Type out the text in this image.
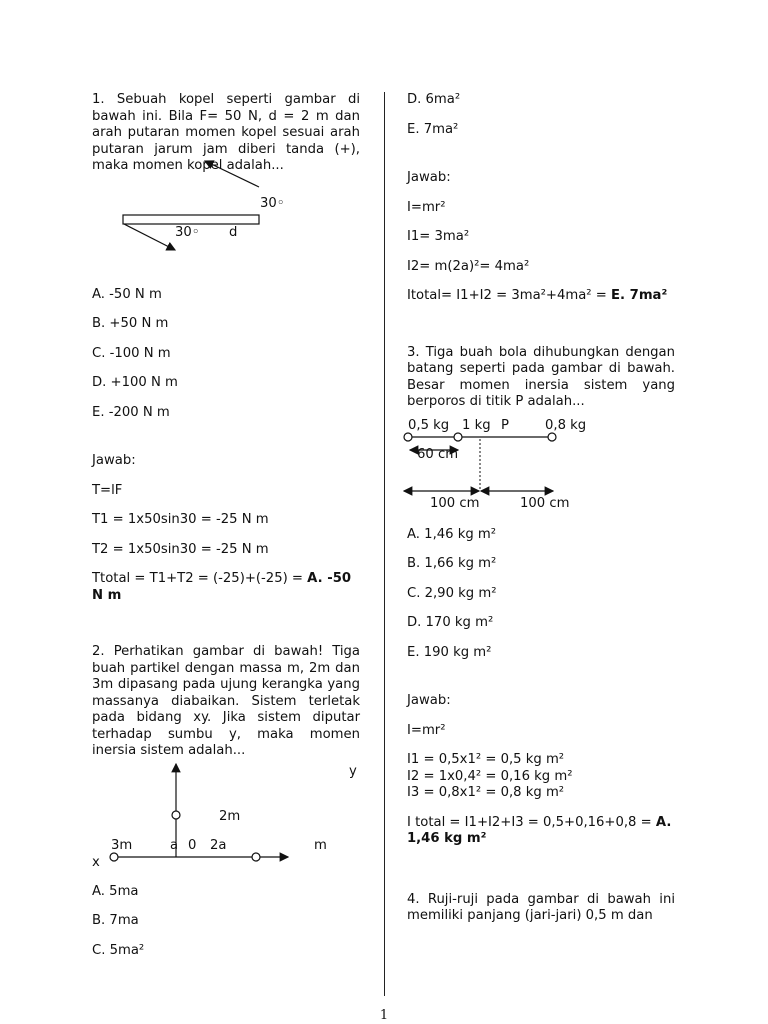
1. Sebuah kopel seperti gambar di bawah ini. Bila F= 50 N, d = 2 m dan arah putaran momen kopel sesuai arah putaran jarum jam diberi tanda (+), maka momen kopel adalah...

30◦
30◦ d

A. -50 N m

B. +50 N m

C. -100 N m

D. +100 N m

E. -200 N m

Jawab:

T=lF

T1 = 1x50sin30 = -25 N m

T2 = 1x50sin30 = -25 N m

Ttotal = T1+T2 = (-25)+(-25) = A. -50 N m

2. Perhatikan gambar di bawah! Tiga buah partikel dengan massa m, 2m dan 3m dipasang pada ujung kerangka yang massanya diabaikan. Sistem terletak pada bidang xy. Jika sistem diputar terhadap sumbu y, maka momen inersia sistem adalah...

y
2m
3m	a 0 2a	m
x

A. 5ma

B. 7ma

C. 5ma²

D. 6ma²

E. 7ma²

Jawab:

I=mr²

I1= 3ma²

I2= m(2a)²= 4ma²

Itotal= I1+I2 = 3ma²+4ma² = E. 7ma²

3. Tiga buah bola dihubungkan dengan batang seperti pada gambar di bawah. Besar momen inersia sistem yang berporos di titik P adalah...

0,5 kg 1 kg P	0,8 kg
60 cm
100 cm	100 cm

A. 1,46 kg m²

B. 1,66 kg m²

C. 2,90 kg m²

D. 170 kg m²

E. 190 kg m²

Jawab:

I=mr²

I1 = 0,5x1² = 0,5 kg m²

I2 = 1x0,4² = 0,16 kg m²

I3 = 0,8x1² = 0,8 kg m²

I total = I1+I2+I3 = 0,5+0,16+0,8 = A. 1,46 kg m²

4. Ruji-ruji pada gambar di bawah ini memiliki panjang (jari-jari) 0,5 m dan

1
